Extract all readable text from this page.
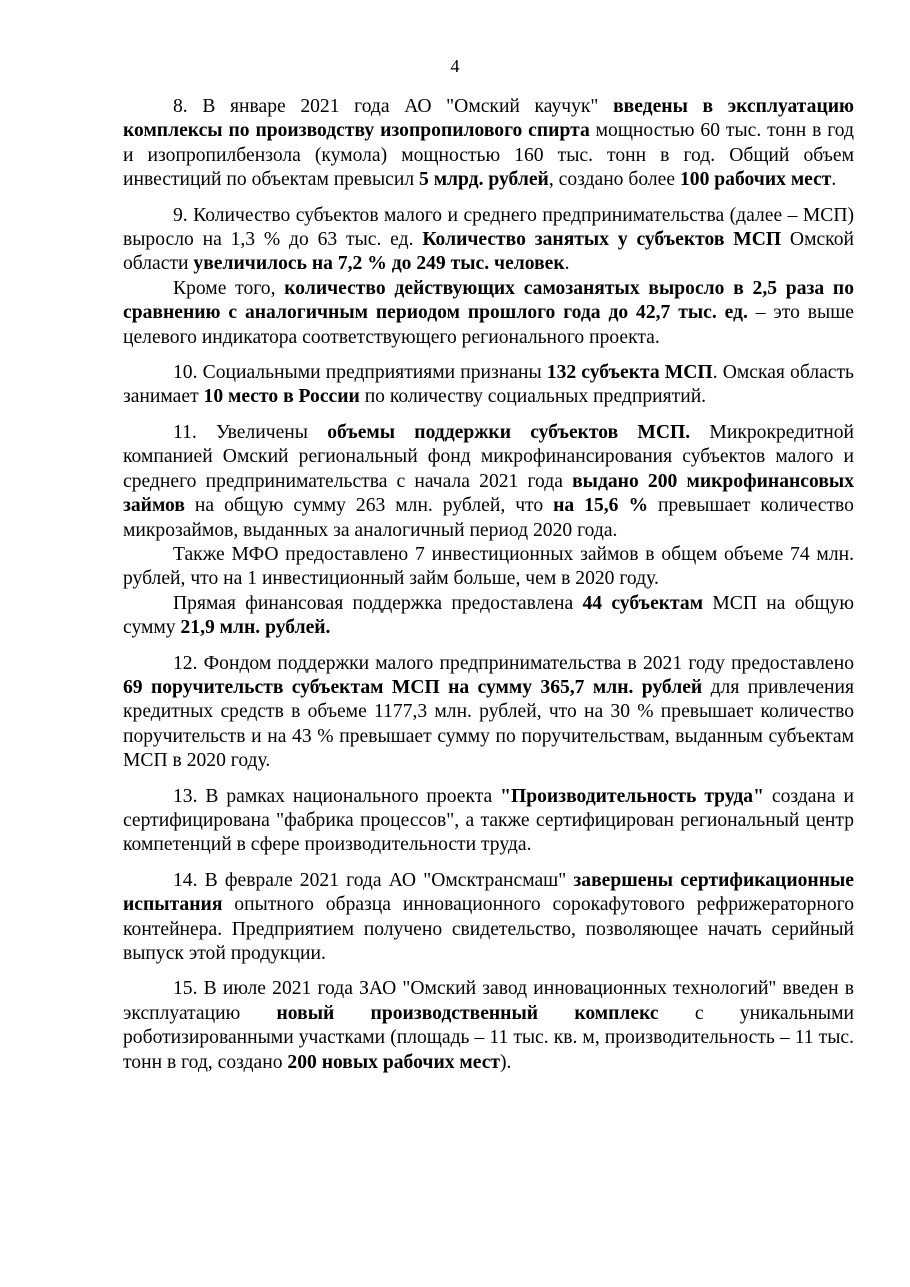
4

8. В январе 2021 года АО "Омский каучук" введены в эксплуатацию комплексы по производству изопропилового спирта мощностью 60 тыс. тонн в год и изопропилбензола (кумола) мощностью 160 тыс. тонн в год. Общий объем инвестиций по объектам превысил 5 млрд. рублей, создано более 100 рабочих мест.

9. Количество субъектов малого и среднего предпринимательства (далее – МСП) выросло на 1,3 % до 63 тыс. ед. Количество занятых у субъектов МСП Омской области увеличилось на 7,2 % до 249 тыс. человек.

Кроме того, количество действующих самозанятых выросло в 2,5 раза по сравнению с аналогичным периодом прошлого года до 42,7 тыс. ед. – это выше целевого индикатора соответствующего регионального проекта.

10. Социальными предприятиями признаны 132 субъекта МСП. Омская область занимает 10 место в России по количеству социальных предприятий.

11. Увеличены объемы поддержки субъектов МСП. Микрокредитной компанией Омский региональный фонд микрофинансирования субъектов малого и среднего предпринимательства с начала 2021 года выдано 200 микрофинансовых займов на общую сумму 263 млн. рублей, что на 15,6 % превышает количество микрозаймов, выданных за аналогичный период 2020 года.

Также МФО предоставлено 7 инвестиционных займов в общем объеме 74 млн. рублей, что на 1 инвестиционный займ больше, чем в 2020 году.

Прямая финансовая поддержка предоставлена 44 субъектам МСП на общую сумму 21,9 млн. рублей.

12. Фондом поддержки малого предпринимательства в 2021 году предоставлено 69 поручительств субъектам МСП на сумму 365,7 млн. рублей для привлечения кредитных средств в объеме 1177,3 млн. рублей, что на 30 % превышает количество поручительств и на 43 % превышает сумму по поручительствам, выданным субъектам МСП в 2020 году.

13. В рамках национального проекта "Производительность труда" создана и сертифицирована "фабрика процессов", а также сертифицирован региональный центр компетенций в сфере производительности труда.

14. В феврале 2021 года АО "Омсктрансмаш" завершены сертификационные испытания опытного образца инновационного сорокафутового рефрижераторного контейнера. Предприятием получено свидетельство, позволяющее начать серийный выпуск этой продукции.

15. В июле 2021 года ЗАО "Омский завод инновационных технологий" введен в эксплуатацию новый производственный комплекс с уникальными роботизированными участками (площадь – 11 тыс. кв. м, производительность – 11 тыс. тонн в год, создано 200 новых рабочих мест).
